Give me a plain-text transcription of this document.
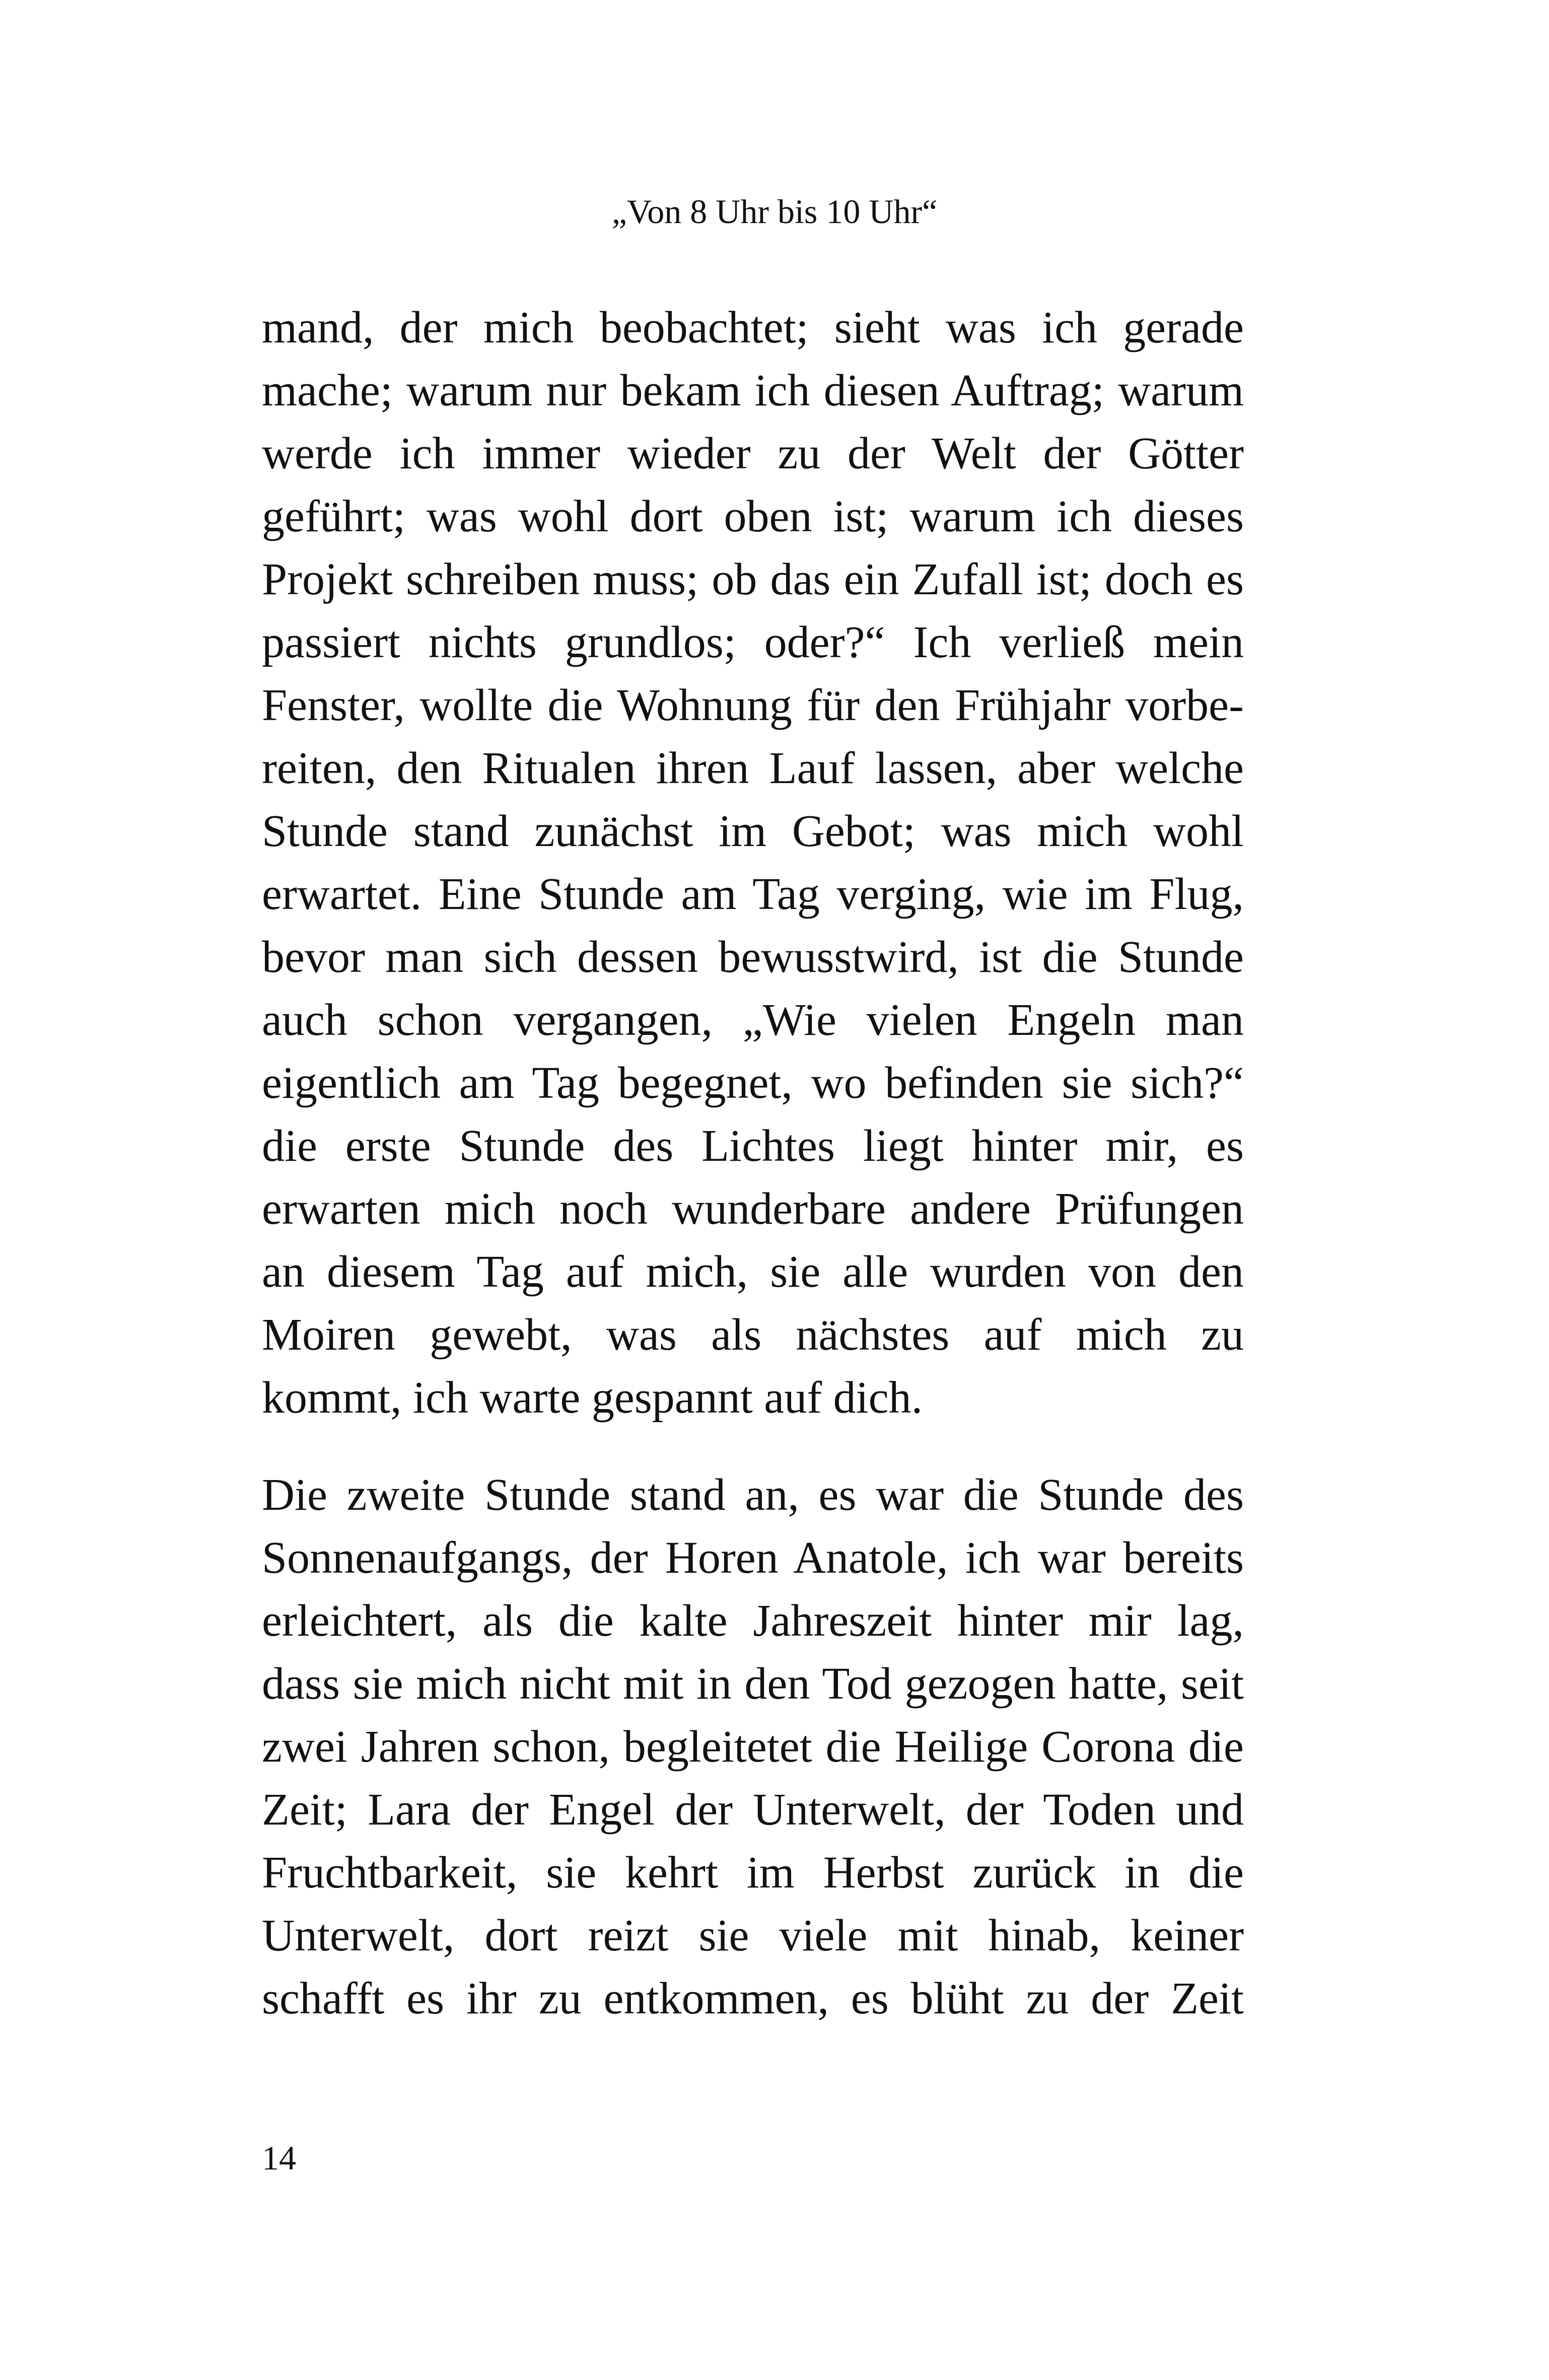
„Von 8 Uhr bis 10 Uhr“
mand, der mich beobachtet; sieht was ich gerade
mache; warum nur bekam ich diesen Auftrag; warum
werde ich immer wieder zu der Welt der Götter
geführt; was wohl dort oben ist; warum ich dieses
Projekt schreiben muss; ob das ein Zufall ist; doch es
passiert nichts grundlos; oder?“ Ich verließ mein
Fenster, wollte die Wohnung für den Frühjahr vorbe-
reiten, den Ritualen ihren Lauf lassen, aber welche
Stunde stand zunächst im Gebot; was mich wohl
erwartet. Eine Stunde am Tag verging, wie im Flug,
bevor man sich dessen bewusstwird, ist die Stunde
auch schon vergangen, „Wie vielen Engeln man
eigentlich am Tag begegnet, wo befinden sie sich?“
die erste Stunde des Lichtes liegt hinter mir, es
erwarten mich noch wunderbare andere Prüfungen
an diesem Tag auf mich, sie alle wurden von den
Moiren gewebt, was als nächstes auf mich zu
kommt, ich warte gespannt auf dich.
Die zweite Stunde stand an, es war die Stunde des
Sonnenaufgangs, der Horen Anatole, ich war bereits
erleichtert, als die kalte Jahreszeit hinter mir lag,
dass sie mich nicht mit in den Tod gezogen hatte, seit
zwei Jahren schon, begleitetet die Heilige Corona die
Zeit; Lara der Engel der Unterwelt, der Toden und
Fruchtbarkeit, sie kehrt im Herbst zurück in die
Unterwelt, dort reizt sie viele mit hinab, keiner
schafft es ihr zu entkommen, es blüht zu der Zeit
14
